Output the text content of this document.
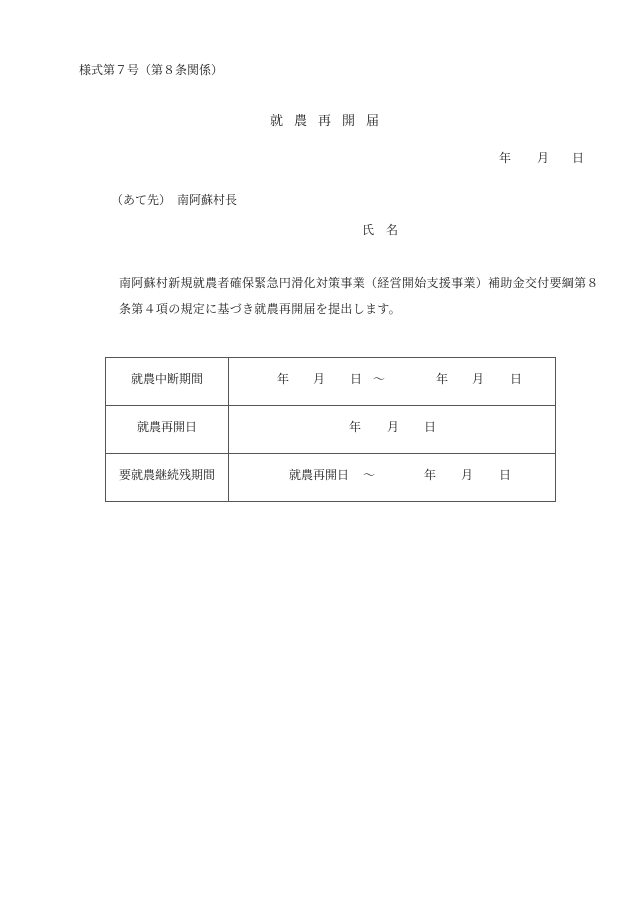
様式第７号（第８条関係）
就農再開届
年 月 日
（あて先） 南阿蘇村長
氏名
南阿蘇村新規就農者確保緊急円滑化対策事業（経営開始支援事業）補助金交付要綱第８
条第４項の規定に基づき就農再開届を提出します。
就農中断期間	年 月 日 ～	年 月 日

就農再開日	年 月 日

要就農継続残期間	就農再開日 ～ 年 月 日
